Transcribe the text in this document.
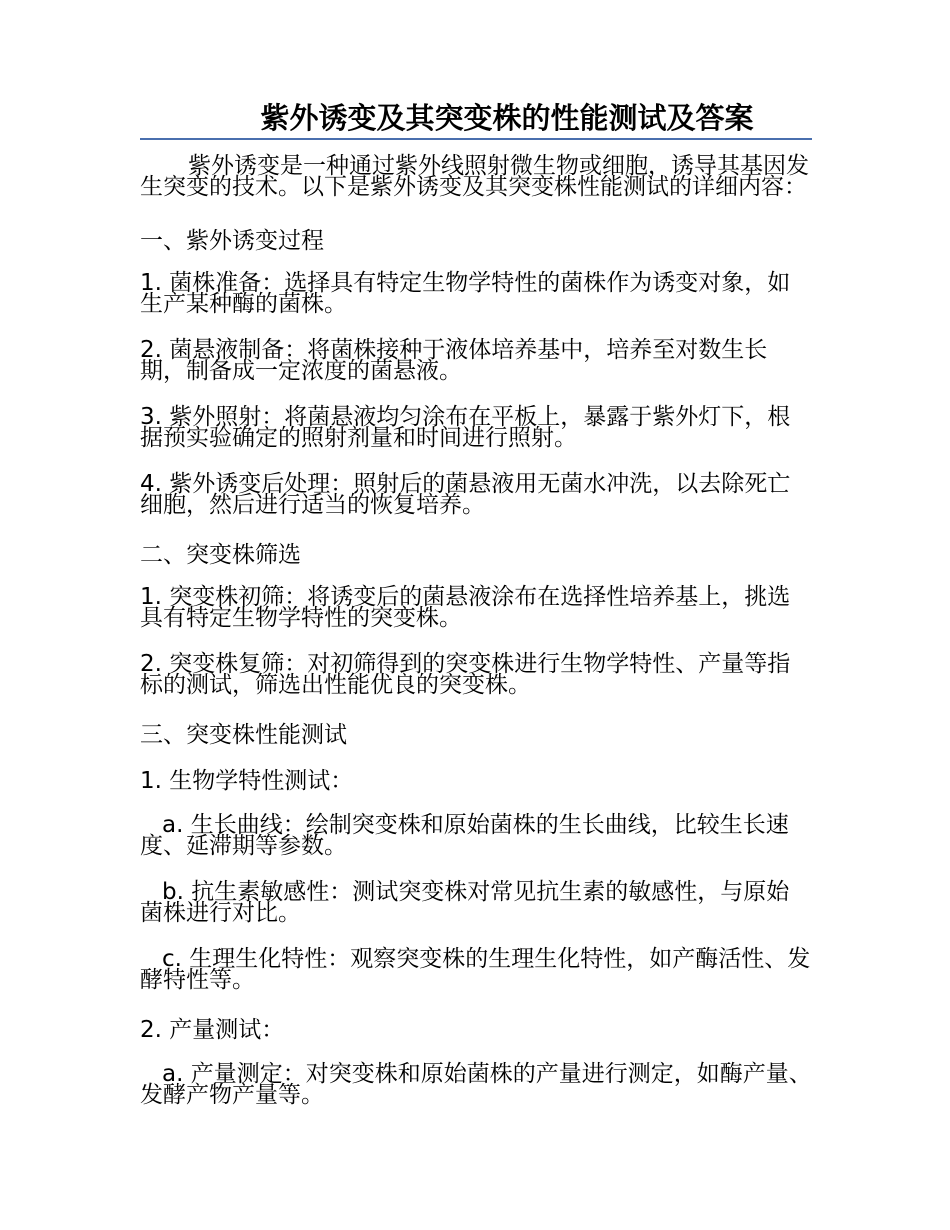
紫外诱变及其突变株的性能测试及答案

紫外诱变是一种通过紫外线照射微生物或细胞，诱导其基因发生突变的技术。以下是紫外诱变及其突变株性能测试的详细内容：

一、紫外诱变过程

1. 菌株准备：选择具有特定生物学特性的菌株作为诱变对象，如生产某种酶的菌株。

2. 菌悬液制备：将菌株接种于液体培养基中，培养至对数生长期，制备成一定浓度的菌悬液。

3. 紫外照射：将菌悬液均匀涂布在平板上，暴露于紫外灯下，根据预实验确定的照射剂量和时间进行照射。

4. 紫外诱变后处理：照射后的菌悬液用无菌水冲洗，以去除死亡细胞，然后进行适当的恢复培养。

二、突变株筛选

1. 突变株初筛：将诱变后的菌悬液涂布在选择性培养基上，挑选具有特定生物学特性的突变株。

2. 突变株复筛：对初筛得到的突变株进行生物学特性、产量等指标的测试，筛选出性能优良的突变株。

三、突变株性能测试

1. 生物学特性测试：

a. 生长曲线：绘制突变株和原始菌株的生长曲线，比较生长速度、延滞期等参数。

b. 抗生素敏感性：测试突变株对常见抗生素的敏感性，与原始菌株进行对比。

c. 生理生化特性：观察突变株的生理生化特性，如产酶活性、发酵特性等。

2. 产量测试：

a. 产量测定：对突变株和原始菌株的产量进行测定，如酶产量、发酵产物产量等。
